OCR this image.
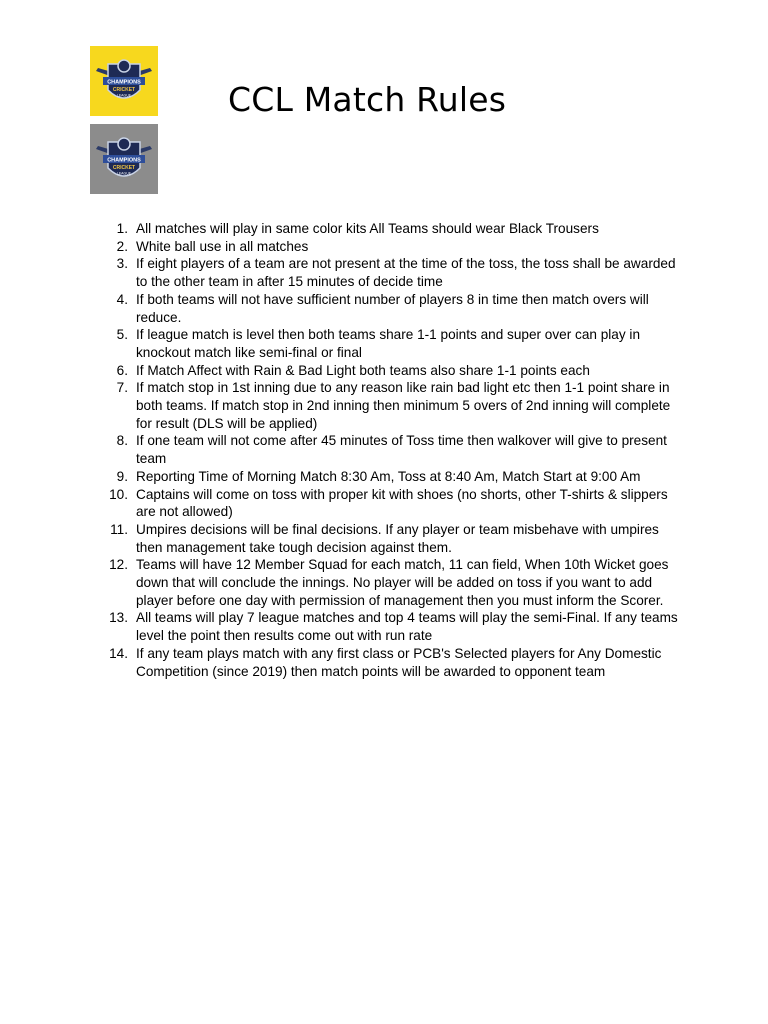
CHAMPIONS
CRICKET
LEAGUE
CHAMPIONS
CRICKET
LEAGUE
CCL Match Rules
1. All matches will play in same color kits All Teams should wear Black Trousers
2. White ball use in all matches
3. If eight players of a team are not present at the time of the toss, the toss shall be awarded to the other team in after 15 minutes of decide time
4. If both teams will not have sufficient number of players 8 in time then match overs will reduce.
5. If league match is level then both teams share 1-1 points and super over can play in knockout match like semi-final or final
6. If Match Affect with Rain & Bad Light both teams also share 1-1 points each
7. If match stop in 1st inning due to any reason like rain bad light etc then 1-1 point share in both teams. If match stop in 2nd inning then minimum 5 overs of 2nd inning will complete for result (DLS will be applied)
8. If one team will not come after 45 minutes of Toss time then walkover will give to present team
9. Reporting Time of Morning Match 8:30 Am, Toss at 8:40 Am, Match Start at 9:00 Am
10. Captains will come on toss with proper kit with shoes (no shorts, other T-shirts & slippers are not allowed)
11. Umpires decisions will be final decisions. If any player or team misbehave with umpires then management take tough decision against them.
12. Teams will have 12 Member Squad for each match, 11 can field, When 10th Wicket goes down that will conclude the innings. No player will be added on toss if you want to add player before one day with permission of management then you must inform the Scorer.
13. All teams will play 7 league matches and top 4 teams will play the semi-Final. If any teams level the point then results come out with run rate
14. If any team plays match with any first class or PCB's Selected players for Any Domestic Competition (since 2019) then match points will be awarded to opponent team
